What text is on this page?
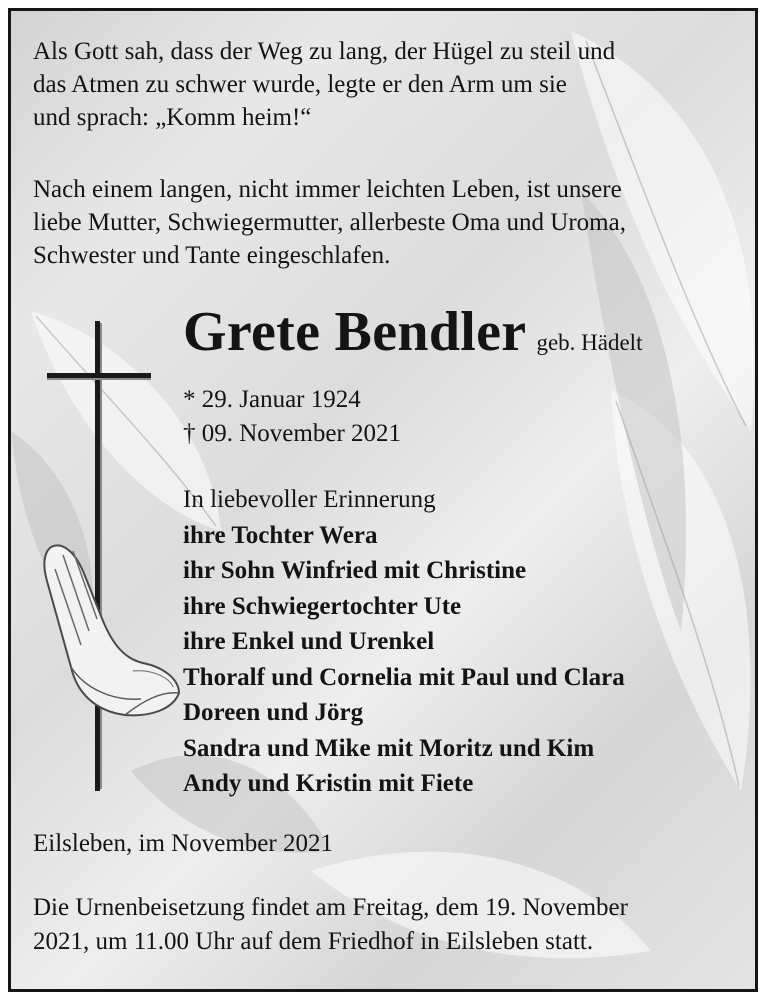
Als Gott sah, dass der Weg zu lang, der Hügel zu steil und
das Atmen zu schwer wurde, legte er den Arm um sie
und sprach: „Komm heim!“
Nach einem langen, nicht immer leichten Leben, ist unsere
liebe Mutter, Schwiegermutter, allerbeste Oma und Uroma,
Schwester und Tante eingeschlafen.
Grete Bendler geb. Hädelt
* 29. Januar 1924
† 09. November 2021
In liebevoller Erinnerung
ihre Tochter Wera
ihr Sohn Winfried mit Christine
ihre Schwiegertochter Ute
ihre Enkel und Urenkel
Thoralf und Cornelia mit Paul und Clara
Doreen und Jörg
Sandra und Mike mit Moritz und Kim
Andy und Kristin mit Fiete
Eilsleben, im November 2021
Die Urnenbeisetzung findet am Freitag, dem 19. November
2021, um 11.00 Uhr auf dem Friedhof in Eilsleben statt.
